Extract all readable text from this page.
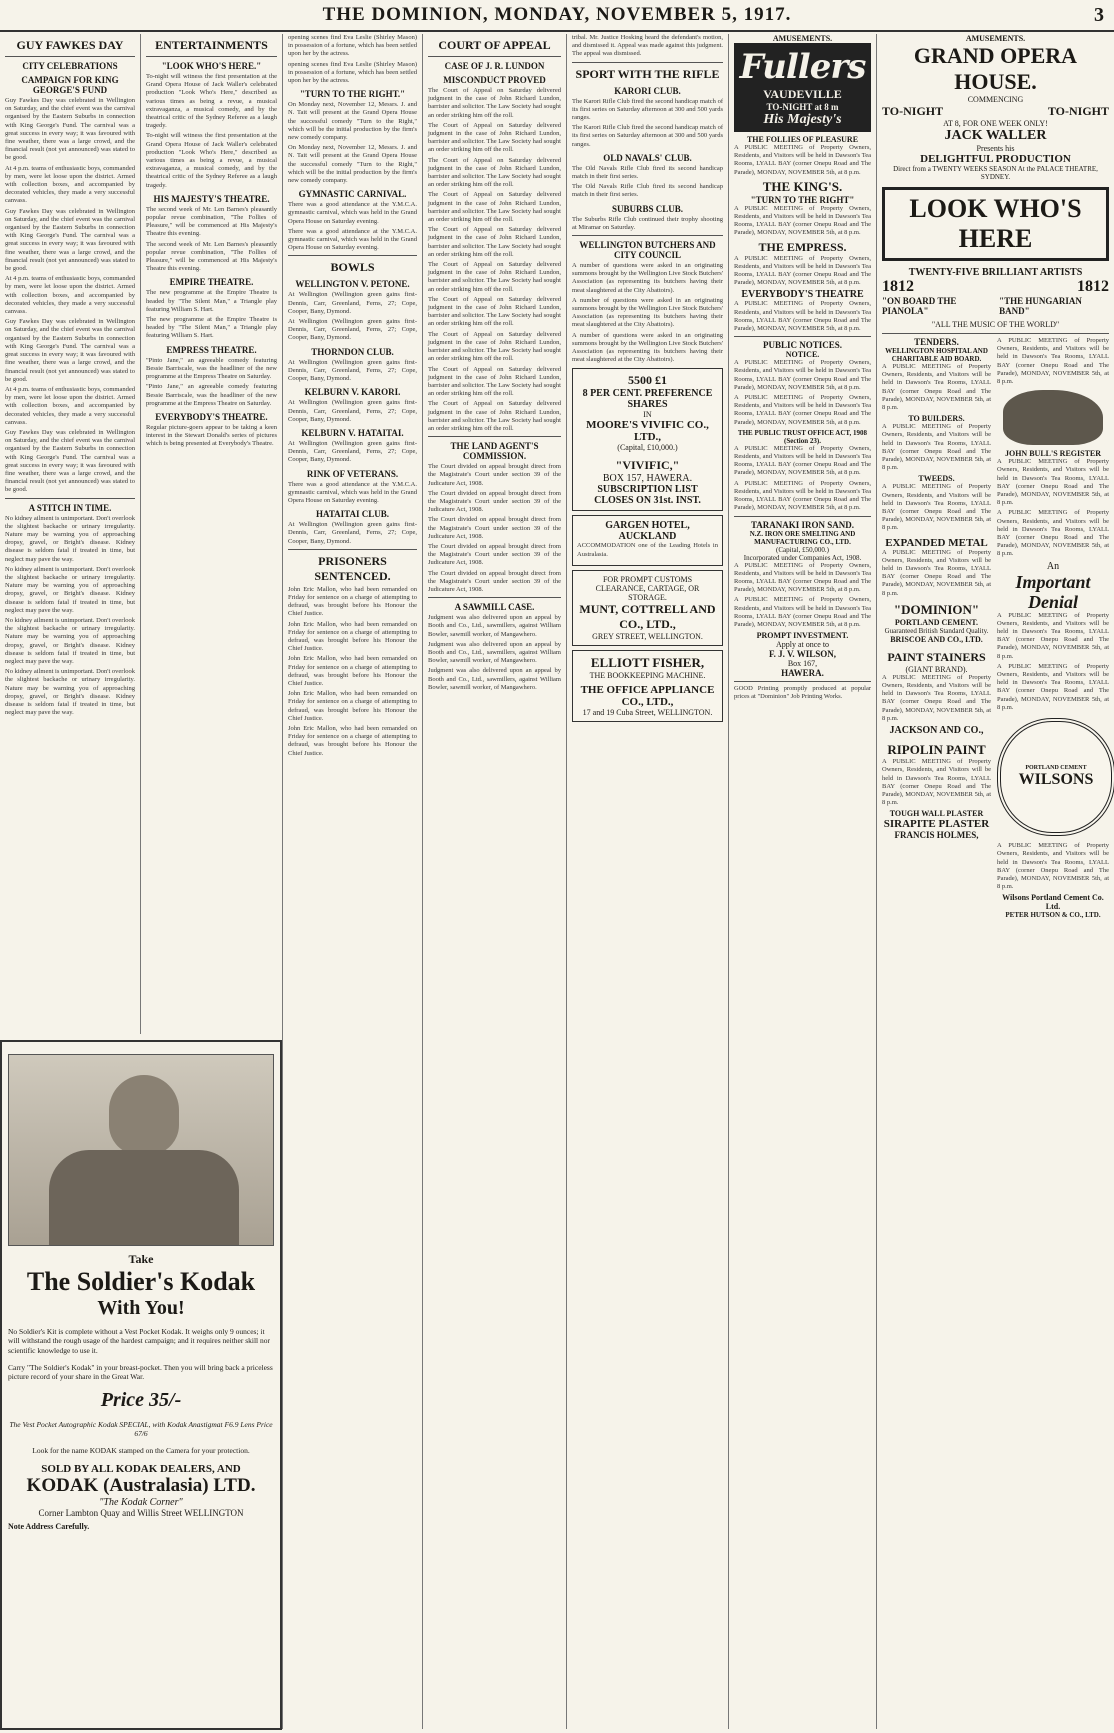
THE DOMINION, MONDAY, NOVEMBER 5, 1917.	3
GUY FAWKES DAY
CITY CELEBRATIONS
CAMPAIGN FOR KING GEORGE'S FUND

Guy Fawkes Day was celebrated in Wellington on Saturday, and the chief event was the carnival organised by the Eastern Suburbs in connection with King George's Fund. The carnival was a great success in every way; it was favoured with fine weather, there was a large crowd, and the financial result (not yet announced) was stated to be good.

At 4 p.m. teams of enthusiastic boys, commanded by men, were let loose upon the district. Armed with collection boxes, and accompanied by decorated vehicles, they made a very successful canvass.

Guy Fawkes Day was celebrated in Wellington on Saturday, and the chief event was the carnival organised by the Eastern Suburbs in connection with King George's Fund. The carnival was a great success in every way; it was favoured with fine weather, there was a large crowd, and the financial result (not yet announced) was stated to be good.

At 4 p.m. teams of enthusiastic boys, commanded by men, were let loose upon the district. Armed with collection boxes, and accompanied by decorated vehicles, they made a very successful canvass.

Guy Fawkes Day was celebrated in Wellington on Saturday, and the chief event was the carnival organised by the Eastern Suburbs in connection with King George's Fund. The carnival was a great success in every way; it was favoured with fine weather, there was a large crowd, and the financial result (not yet announced) was stated to be good.

At 4 p.m. teams of enthusiastic boys, commanded by men, were let loose upon the district. Armed with collection boxes, and accompanied by decorated vehicles, they made a very successful canvass.

Guy Fawkes Day was celebrated in Wellington on Saturday, and the chief event was the carnival organised by the Eastern Suburbs in connection with King George's Fund. The carnival was a great success in every way; it was favoured with fine weather, there was a large crowd, and the financial result (not yet announced) was stated to be good.

A STITCH IN TIME.

No kidney ailment is unimportant. Don't overlook the slightest backache or urinary irregularity. Nature may be warning you of approaching dropsy, gravel, or Bright's disease. Kidney disease is seldom fatal if treated in time, but neglect may pave the way.

No kidney ailment is unimportant. Don't overlook the slightest backache or urinary irregularity. Nature may be warning you of approaching dropsy, gravel, or Bright's disease. Kidney disease is seldom fatal if treated in time, but neglect may pave the way.

No kidney ailment is unimportant. Don't overlook the slightest backache or urinary irregularity. Nature may be warning you of approaching dropsy, gravel, or Bright's disease. Kidney disease is seldom fatal if treated in time, but neglect may pave the way.

No kidney ailment is unimportant. Don't overlook the slightest backache or urinary irregularity. Nature may be warning you of approaching dropsy, gravel, or Bright's disease. Kidney disease is seldom fatal if treated in time, but neglect may pave the way.

ENTERTAINMENTS
"LOOK WHO'S HERE."

To-night will witness the first presentation at the Grand Opera House of Jack Waller's celebrated production "Look Who's Here," described as various times as being a revue, a musical extravaganza, a musical comedy, and by the theatrical critic of the Sydney Referee as a laugh tragedy.

To-night will witness the first presentation at the Grand Opera House of Jack Waller's celebrated production "Look Who's Here," described as various times as being a revue, a musical extravaganza, a musical comedy, and by the theatrical critic of the Sydney Referee as a laugh tragedy.

HIS MAJESTY'S THEATRE.

The second week of Mr. Len Barnes's pleasantly popular revue combination, "The Follies of Pleasure," will be commenced at His Majesty's Theatre this evening.

The second week of Mr. Len Barnes's pleasantly popular revue combination, "The Follies of Pleasure," will be commenced at His Majesty's Theatre this evening.

EMPIRE THEATRE.

The new programme at the Empire Theatre is headed by "The Silent Man," a Triangle play featuring William S. Hart.

The new programme at the Empire Theatre is headed by "The Silent Man," a Triangle play featuring William S. Hart.

EMPRESS THEATRE.

"Pinto Jane," an agreeable comedy featuring Bessie Barriscale, was the headliner of the new programme at the Empress Theatre on Saturday.

"Pinto Jane," an agreeable comedy featuring Bessie Barriscale, was the headliner of the new programme at the Empress Theatre on Saturday.

EVERYBODY'S THEATRE.

Regular picture-goers appear to be taking a keen interest in the Stewart Donald's series of pictures which is being presented at Everybody's Theatre.

Take
The Soldier's Kodak
With You!

No Soldier's Kit is complete without a Vest Pocket Kodak. It weighs only 9 ounces; it will withstand the rough usage of the hardest campaign; and it requires neither skill nor scientific knowledge to use it.

Carry "The Soldier's Kodak" in your breast-pocket. Then you will bring back a priceless picture record of your share in the Great War.

Price 35/-

The Vest Pocket Autographic Kodak SPECIAL, with Kodak Anastigmat F6.9 Lens Price 67/6

Look for the name KODAK stamped on the Camera for your protection.

SOLD BY ALL KODAK DEALERS, AND
KODAK (Australasia) LTD.
"The Kodak Corner"
Corner Lambton Quay and Willis Street WELLINGTON
Note Address Carefully.

opening scenes find Eva Leslie (Shirley Mason) in possession of a fortune, which has been settled upon her by the actress.

opening scenes find Eva Leslie (Shirley Mason) in possession of a fortune, which has been settled upon her by the actress.

"TURN TO THE RIGHT."

On Monday next, November 12, Messrs. J. and N. Tait will present at the Grand Opera House the successful comedy "Turn to the Right," which will be the initial production by the firm's new comedy company.

On Monday next, November 12, Messrs. J. and N. Tait will present at the Grand Opera House the successful comedy "Turn to the Right," which will be the initial production by the firm's new comedy company.

GYMNASTIC CARNIVAL.

There was a good attendance at the Y.M.C.A. gymnastic carnival, which was held in the Grand Opera House on Saturday evening.

There was a good attendance at the Y.M.C.A. gymnastic carnival, which was held in the Grand Opera House on Saturday evening.

BOWLS
WELLINGTON V. PETONE.

At Wellington (Wellington green gains first-Dennis, Carr, Greenland, Ferns, 27; Cope, Cooper, Bany, Dymond.

At Wellington (Wellington green gains first-Dennis, Carr, Greenland, Ferns, 27; Cope, Cooper, Bany, Dymond.

THORNDON CLUB.

At Wellington (Wellington green gains first-Dennis, Carr, Greenland, Ferns, 27; Cope, Cooper, Bany, Dymond.

KELBURN V. KARORI.

At Wellington (Wellington green gains first-Dennis, Carr, Greenland, Ferns, 27; Cope, Cooper, Bany, Dymond.

KELBURN V. HATAITAI.

At Wellington (Wellington green gains first-Dennis, Carr, Greenland, Ferns, 27; Cope, Cooper, Bany, Dymond.

RINK OF VETERANS.

There was a good attendance at the Y.M.C.A. gymnastic carnival, which was held in the Grand Opera House on Saturday evening.

HATAITAI CLUB.

At Wellington (Wellington green gains first-Dennis, Carr, Greenland, Ferns, 27; Cope, Cooper, Bany, Dymond.

PRISONERS SENTENCED.

John Eric Mallon, who had been remanded on Friday for sentence on a charge of attempting to defraud, was brought before his Honour the Chief Justice.

John Eric Mallon, who had been remanded on Friday for sentence on a charge of attempting to defraud, was brought before his Honour the Chief Justice.

John Eric Mallon, who had been remanded on Friday for sentence on a charge of attempting to defraud, was brought before his Honour the Chief Justice.

John Eric Mallon, who had been remanded on Friday for sentence on a charge of attempting to defraud, was brought before his Honour the Chief Justice.

John Eric Mallon, who had been remanded on Friday for sentence on a charge of attempting to defraud, was brought before his Honour the Chief Justice.

COURT OF APPEAL
CASE OF J. R. LUNDON
MISCONDUCT PROVED

The Court of Appeal on Saturday delivered judgment in the case of John Richard Lundon, barrister and solicitor. The Law Society had sought an order striking him off the roll.

The Court of Appeal on Saturday delivered judgment in the case of John Richard Lundon, barrister and solicitor. The Law Society had sought an order striking him off the roll.

The Court of Appeal on Saturday delivered judgment in the case of John Richard Lundon, barrister and solicitor. The Law Society had sought an order striking him off the roll.

The Court of Appeal on Saturday delivered judgment in the case of John Richard Lundon, barrister and solicitor. The Law Society had sought an order striking him off the roll.

The Court of Appeal on Saturday delivered judgment in the case of John Richard Lundon, barrister and solicitor. The Law Society had sought an order striking him off the roll.

The Court of Appeal on Saturday delivered judgment in the case of John Richard Lundon, barrister and solicitor. The Law Society had sought an order striking him off the roll.

The Court of Appeal on Saturday delivered judgment in the case of John Richard Lundon, barrister and solicitor. The Law Society had sought an order striking him off the roll.

The Court of Appeal on Saturday delivered judgment in the case of John Richard Lundon, barrister and solicitor. The Law Society had sought an order striking him off the roll.

The Court of Appeal on Saturday delivered judgment in the case of John Richard Lundon, barrister and solicitor. The Law Society had sought an order striking him off the roll.

The Court of Appeal on Saturday delivered judgment in the case of John Richard Lundon, barrister and solicitor. The Law Society had sought an order striking him off the roll.

THE LAND AGENT'S COMMISSION.

The Court divided on appeal brought direct from the Magistrate's Court under section 39 of the Judicature Act, 1908.

The Court divided on appeal brought direct from the Magistrate's Court under section 39 of the Judicature Act, 1908.

The Court divided on appeal brought direct from the Magistrate's Court under section 39 of the Judicature Act, 1908.

The Court divided on appeal brought direct from the Magistrate's Court under section 39 of the Judicature Act, 1908.

The Court divided on appeal brought direct from the Magistrate's Court under section 39 of the Judicature Act, 1908.

A SAWMILL CASE.

Judgment was also delivered upon an appeal by Booth and Co., Ltd., sawmillers, against William Bowler, sawmill worker, of Mangawhero.

Judgment was also delivered upon an appeal by Booth and Co., Ltd., sawmillers, against William Bowler, sawmill worker, of Mangawhero.

Judgment was also delivered upon an appeal by Booth and Co., Ltd., sawmillers, against William Bowler, sawmill worker, of Mangawhero.

tribal. Mr. Justice Hosking heard the defendant's motion, and dismissed it. Appeal was made against this judgment. The appeal was dismissed.

SPORT WITH THE RIFLE
KARORI CLUB.

The Karori Rifle Club fired the second handicap match of its first series on Saturday afternoon at 300 and 500 yards ranges.

The Karori Rifle Club fired the second handicap match of its first series on Saturday afternoon at 300 and 500 yards ranges.

OLD NAVALS' CLUB.

The Old Navals Rifle Club fired its second handicap match in their first series.

The Old Navals Rifle Club fired its second handicap match in their first series.

SUBURBS CLUB.

The Suburbs Rifle Club continued their trophy shooting at Miramar on Saturday.

WELLINGTON BUTCHERS AND CITY COUNCIL

A number of questions were asked in an originating summons brought by the Wellington Live Stock Butchers' Association (as representing its butchers having their meat slaughtered at the City Abattoirs).

A number of questions were asked in an originating summons brought by the Wellington Live Stock Butchers' Association (as representing its butchers having their meat slaughtered at the City Abattoirs).

A number of questions were asked in an originating summons brought by the Wellington Live Stock Butchers' Association (as representing its butchers having their meat slaughtered at the City Abattoirs).

5500 £1
8 PER CENT. PREFERENCE SHARES
IN
MOORE'S VIVIFIC CO., LTD.,
(Capital, £10,000.)
"VIVIFIC,"
BOX 157, HAWERA.
SUBSCRIPTION LIST CLOSES ON 31st. INST.
GARGEN HOTEL, AUCKLAND
ACCOMMODATION one of the Leading Hotels in Australasia.
FOR PROMPT CUSTOMS CLEARANCE, CARTAGE, OR STORAGE.
MUNT, COTTRELL AND CO., LTD.,
GREY STREET, WELLINGTON.
ELLIOTT FISHER,
THE BOOKKEEPING MACHINE.
THE OFFICE APPLIANCE CO., LTD.,
17 and 19 Cuba Street, WELLINGTON.
AMUSEMENTS.
Fullers
VAUDEVILLE
TO-NIGHT at 8 m
His Majesty's
THE FOLLIES OF PLEASURE

A PUBLIC MEETING of Property Owners, Residents, and Visitors will be held in Dawson's Tea Rooms, LYALL BAY (corner Onepu Road and The Parade), MONDAY, NOVEMBER 5th, at 8 p.m.

THE KING'S.
"TURN TO THE RIGHT"

A PUBLIC MEETING of Property Owners, Residents, and Visitors will be held in Dawson's Tea Rooms, LYALL BAY (corner Onepu Road and The Parade), MONDAY, NOVEMBER 5th, at 8 p.m.

THE EMPRESS.

A PUBLIC MEETING of Property Owners, Residents, and Visitors will be held in Dawson's Tea Rooms, LYALL BAY (corner Onepu Road and The Parade), MONDAY, NOVEMBER 5th, at 8 p.m.

EVERYBODY'S THEATRE

A PUBLIC MEETING of Property Owners, Residents, and Visitors will be held in Dawson's Tea Rooms, LYALL BAY (corner Onepu Road and The Parade), MONDAY, NOVEMBER 5th, at 8 p.m.

PUBLIC NOTICES.
NOTICE.

A PUBLIC MEETING of Property Owners, Residents, and Visitors will be held in Dawson's Tea Rooms, LYALL BAY (corner Onepu Road and The Parade), MONDAY, NOVEMBER 5th, at 8 p.m.

A PUBLIC MEETING of Property Owners, Residents, and Visitors will be held in Dawson's Tea Rooms, LYALL BAY (corner Onepu Road and The Parade), MONDAY, NOVEMBER 5th, at 8 p.m.

THE PUBLIC TRUST OFFICE ACT, 1908 (Section 23).

A PUBLIC MEETING of Property Owners, Residents, and Visitors will be held in Dawson's Tea Rooms, LYALL BAY (corner Onepu Road and The Parade), MONDAY, NOVEMBER 5th, at 8 p.m.

A PUBLIC MEETING of Property Owners, Residents, and Visitors will be held in Dawson's Tea Rooms, LYALL BAY (corner Onepu Road and The Parade), MONDAY, NOVEMBER 5th, at 8 p.m.

TARANAKI IRON SAND.
N.Z. IRON ORE SMELTING AND MANUFACTURING CO., LTD.
(Capital, £50,000.)
Incorporated under Companies Act, 1908.

A PUBLIC MEETING of Property Owners, Residents, and Visitors will be held in Dawson's Tea Rooms, LYALL BAY (corner Onepu Road and The Parade), MONDAY, NOVEMBER 5th, at 8 p.m.

A PUBLIC MEETING of Property Owners, Residents, and Visitors will be held in Dawson's Tea Rooms, LYALL BAY (corner Onepu Road and The Parade), MONDAY, NOVEMBER 5th, at 8 p.m.

PROMPT INVESTMENT.
Apply at once to
F. J. V. WILSON,
Box 167,
HAWERA.

GOOD Printing promptly produced at popular prices at "Dominion" Job Printing Works.

AMUSEMENTS.
GRAND OPERA HOUSE.
COMMENCING
TO-NIGHT	TO-NIGHT
AT 8, FOR ONE WEEK ONLY!
JACK WALLER
Presents his
DELIGHTFUL PRODUCTION
Direct from a TWENTY WEEKS SEASON At the PALACE THEATRE, SYDNEY.
LOOK WHO'S HERE
TWENTY-FIVE BRILLIANT ARTISTS
1812	1812
"ON BOARD THE PIANOLA"
"THE HUNGARIAN BAND"
"ALL THE MUSIC OF THE WORLD"
TENDERS.
WELLINGTON HOSPITAL AND CHARITABLE AID BOARD.

A PUBLIC MEETING of Property Owners, Residents, and Visitors will be held in Dawson's Tea Rooms, LYALL BAY (corner Onepu Road and The Parade), MONDAY, NOVEMBER 5th, at 8 p.m.

TO BUILDERS.

A PUBLIC MEETING of Property Owners, Residents, and Visitors will be held in Dawson's Tea Rooms, LYALL BAY (corner Onepu Road and The Parade), MONDAY, NOVEMBER 5th, at 8 p.m.

TWEEDS.

A PUBLIC MEETING of Property Owners, Residents, and Visitors will be held in Dawson's Tea Rooms, LYALL BAY (corner Onepu Road and The Parade), MONDAY, NOVEMBER 5th, at 8 p.m.

EXPANDED METAL

A PUBLIC MEETING of Property Owners, Residents, and Visitors will be held in Dawson's Tea Rooms, LYALL BAY (corner Onepu Road and The Parade), MONDAY, NOVEMBER 5th, at 8 p.m.

"DOMINION"
PORTLAND CEMENT.
Guaranteed British Standard Quality.
BRISCOE AND CO., LTD.
PAINT STAINERS
(GIANT BRAND).

A PUBLIC MEETING of Property Owners, Residents, and Visitors will be held in Dawson's Tea Rooms, LYALL BAY (corner Onepu Road and The Parade), MONDAY, NOVEMBER 5th, at 8 p.m.

JACKSON AND CO.,
RIPOLIN PAINT

A PUBLIC MEETING of Property Owners, Residents, and Visitors will be held in Dawson's Tea Rooms, LYALL BAY (corner Onepu Road and The Parade), MONDAY, NOVEMBER 5th, at 8 p.m.

TOUGH WALL PLASTER
SIRAPITE PLASTER
FRANCIS HOLMES,

A PUBLIC MEETING of Property Owners, Residents, and Visitors will be held in Dawson's Tea Rooms, LYALL BAY (corner Onepu Road and The Parade), MONDAY, NOVEMBER 5th, at 8 p.m.

JOHN BULL'S REGISTER

A PUBLIC MEETING of Property Owners, Residents, and Visitors will be held in Dawson's Tea Rooms, LYALL BAY (corner Onepu Road and The Parade), MONDAY, NOVEMBER 5th, at 8 p.m.

A PUBLIC MEETING of Property Owners, Residents, and Visitors will be held in Dawson's Tea Rooms, LYALL BAY (corner Onepu Road and The Parade), MONDAY, NOVEMBER 5th, at 8 p.m.

An
Important Denial

A PUBLIC MEETING of Property Owners, Residents, and Visitors will be held in Dawson's Tea Rooms, LYALL BAY (corner Onepu Road and The Parade), MONDAY, NOVEMBER 5th, at 8 p.m.

A PUBLIC MEETING of Property Owners, Residents, and Visitors will be held in Dawson's Tea Rooms, LYALL BAY (corner Onepu Road and The Parade), MONDAY, NOVEMBER 5th, at 8 p.m.

PORTLAND CEMENT
WILSONS

A PUBLIC MEETING of Property Owners, Residents, and Visitors will be held in Dawson's Tea Rooms, LYALL BAY (corner Onepu Road and The Parade), MONDAY, NOVEMBER 5th, at 8 p.m.

Wilsons Portland Cement Co. Ltd.
PETER HUTSON & CO., LTD.
